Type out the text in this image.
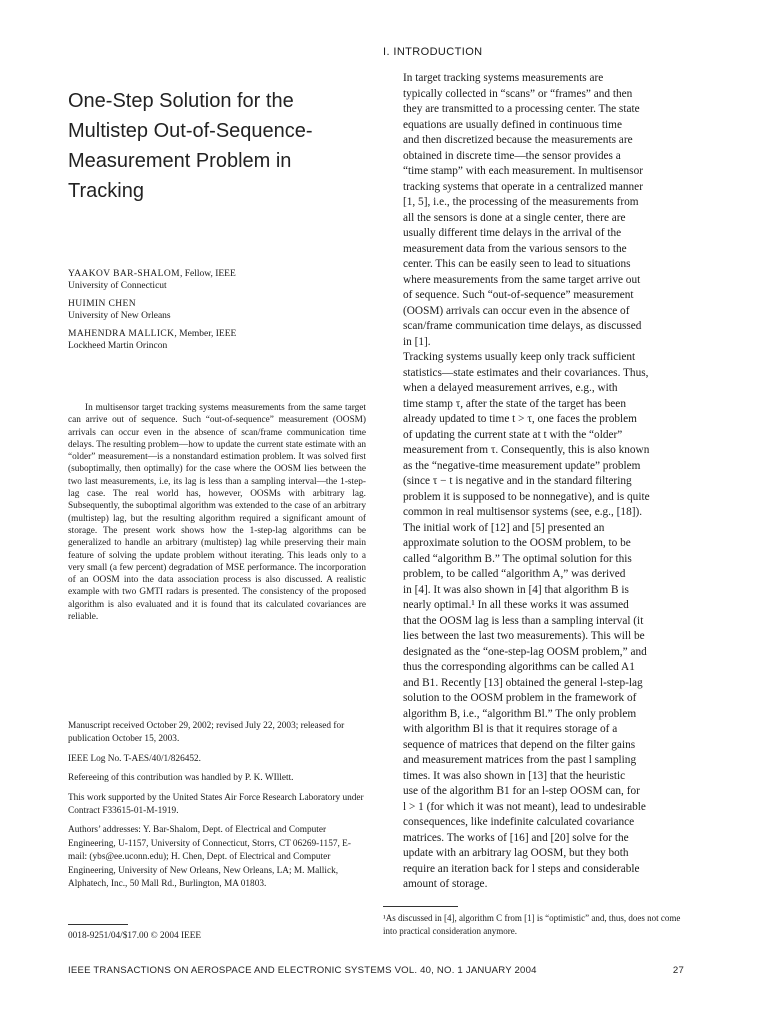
One-Step Solution for the Multistep Out-of-Sequence-Measurement Problem in Tracking
YAAKOV BAR-SHALOM, Fellow, IEEE
University of Connecticut
HUIMIN CHEN
University of New Orleans
MAHENDRA MALLICK, Member, IEEE
Lockheed Martin Orincon

In multisensor target tracking systems measurements from the same target can arrive out of sequence. Such “out-of-sequence” measurement (OOSM) arrivals can occur even in the absence of scan/frame communication time delays. The resulting problem—how to update the current state estimate with an “older” measurement—is a nonstandard estimation problem. It was solved first (suboptimally, then optimally) for the case where the OOSM lies between the two last measurements, i.e, its lag is less than a sampling interval—the 1-step-lag case. The real world has, however, OOSMs with arbitrary lag. Subsequently, the suboptimal algorithm was extended to the case of an arbitrary (multistep) lag, but the resulting algorithm required a significant amount of storage. The present work shows how the 1-step-lag algorithms can be generalized to handle an arbitrary (multistep) lag while preserving their main feature of solving the update problem without iterating. This leads only to a very small (a few percent) degradation of MSE performance. The incorporation of an OOSM into the data association process is also discussed. A realistic example with two GMTI radars is presented. The consistency of the proposed algorithm is also evaluated and it is found that its calculated covariances are reliable.

Manuscript received October 29, 2002; revised July 22, 2003; released for publication October 15, 2003.

IEEE Log No. T-AES/40/1/826452.

Refereeing of this contribution was handled by P. K. WIllett.

This work supported by the United States Air Force Research Laboratory under Contract F33615-01-M-1919.

Authors’ addresses: Y. Bar-Shalom, Dept. of Electrical and Computer Engineering, U-1157, University of Connecticut, Storrs, CT 06269-1157, E-mail: (ybs@ee.uconn.edu); H. Chen, Dept. of Electrical and Computer Engineering, University of New Orleans, New Orleans, LA; M. Mallick, Alphatech, Inc., 50 Mall Rd., Burlington, MA 01803.

0018-9251/04/$17.00 © 2004 IEEE
I. INTRODUCTION

In target tracking systems measurements are
typically collected in “scans” or “frames” and then
they are transmitted to a processing center. The state
equations are usually defined in continuous time
and then discretized because the measurements are
obtained in discrete time—the sensor provides a
“time stamp” with each measurement. In multisensor
tracking systems that operate in a centralized manner
[1, 5], i.e., the processing of the measurements from
all the sensors is done at a single center, there are
usually different time delays in the arrival of the
measurement data from the various sensors to the
center. This can be easily seen to lead to situations
where measurements from the same target arrive out
of sequence. Such “out-of-sequence” measurement
(OOSM) arrivals can occur even in the absence of
scan/frame communication time delays, as discussed
in [1].

Tracking systems usually keep only track sufficient
statistics—state estimates and their covariances. Thus,
when a delayed measurement arrives, e.g., with
time stamp τ, after the state of the target has been
already updated to time t > τ, one faces the problem
of updating the current state at t with the “older”
measurement from τ. Consequently, this is also known
as the “negative-time measurement update” problem
(since τ − t is negative and in the standard filtering
problem it is supposed to be nonnegative), and is quite
common in real multisensor systems (see, e.g., [18]).

The initial work of [12] and [5] presented an
approximate solution to the OOSM problem, to be
called “algorithm B.” The optimal solution for this
problem, to be called “algorithm A,” was derived
in [4]. It was also shown in [4] that algorithm B is
nearly optimal.¹ In all these works it was assumed
that the OOSM lag is less than a sampling interval (it
lies between the last two measurements). This will be
designated as the “one-step-lag OOSM problem,” and
thus the corresponding algorithms can be called A1
and B1. Recently [13] obtained the general l-step-lag
solution to the OOSM problem in the framework of
algorithm B, i.e., “algorithm Bl.” The only problem
with algorithm Bl is that it requires storage of a
sequence of matrices that depend on the filter gains
and measurement matrices from the past l sampling
times. It was also shown in [13] that the heuristic
use of the algorithm B1 for an l-step OOSM can, for
l > 1 (for which it was not meant), lead to undesirable
consequences, like indefinite calculated covariance
matrices. The works of [16] and [20] solve for the
update with an arbitrary lag OOSM, but they both
require an iteration back for l steps and considerable
amount of storage.

¹As discussed in [4], algorithm C from [1] is “optimistic” and, thus, does not come into practical consideration anymore.

IEEE TRANSACTIONS ON AEROSPACE AND ELECTRONIC SYSTEMS VOL. 40, NO. 1 JANUARY 2004	27
